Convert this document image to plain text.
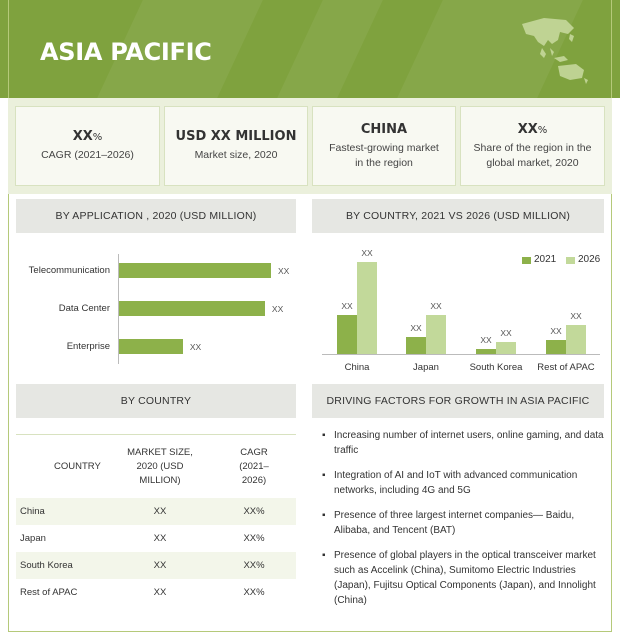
ASIA PACIFIC
XX%
CAGR (2021–2026)
USD XX MILLION
Market size, 2020
CHINA
Fastest-growing market in the region
XX%
Share of the region in the global market, 2020
BY APPLICATION , 2020 (USD MILLION)	BY COUNTRY, 2021 VS 2026 (USD MILLION)
Telecommunication	XX
Data Center	XX
Enterprise	XX
XX
XX
China
XX
XX
Japan
XX
XX
South Korea
XX
XX
Rest of APAC
2021 2026
BY COUNTRY	DRIVING FACTORS FOR GROWTH IN ASIA PACIFIC
COUNTRY	MARKET SIZE, 2020 (USD MILLION)	CAGR (2021–2026)
China	XX	XX%
Japan	XX	XX%
South Korea	XX	XX%
Rest of APAC	XX	XX%
▪ Increasing number of internet users, online gaming, and data traffic
▪ Integration of AI and IoT with advanced communication networks, including 4G and 5G
▪ Presence of three largest internet companies— Baidu, Alibaba, and Tencent (BAT)
▪ Presence of global players in the optical transceiver market such as Accelink (China), Sumitomo Electric Industries (Japan), Fujitsu Optical Components (Japan), and Innolight (China)
